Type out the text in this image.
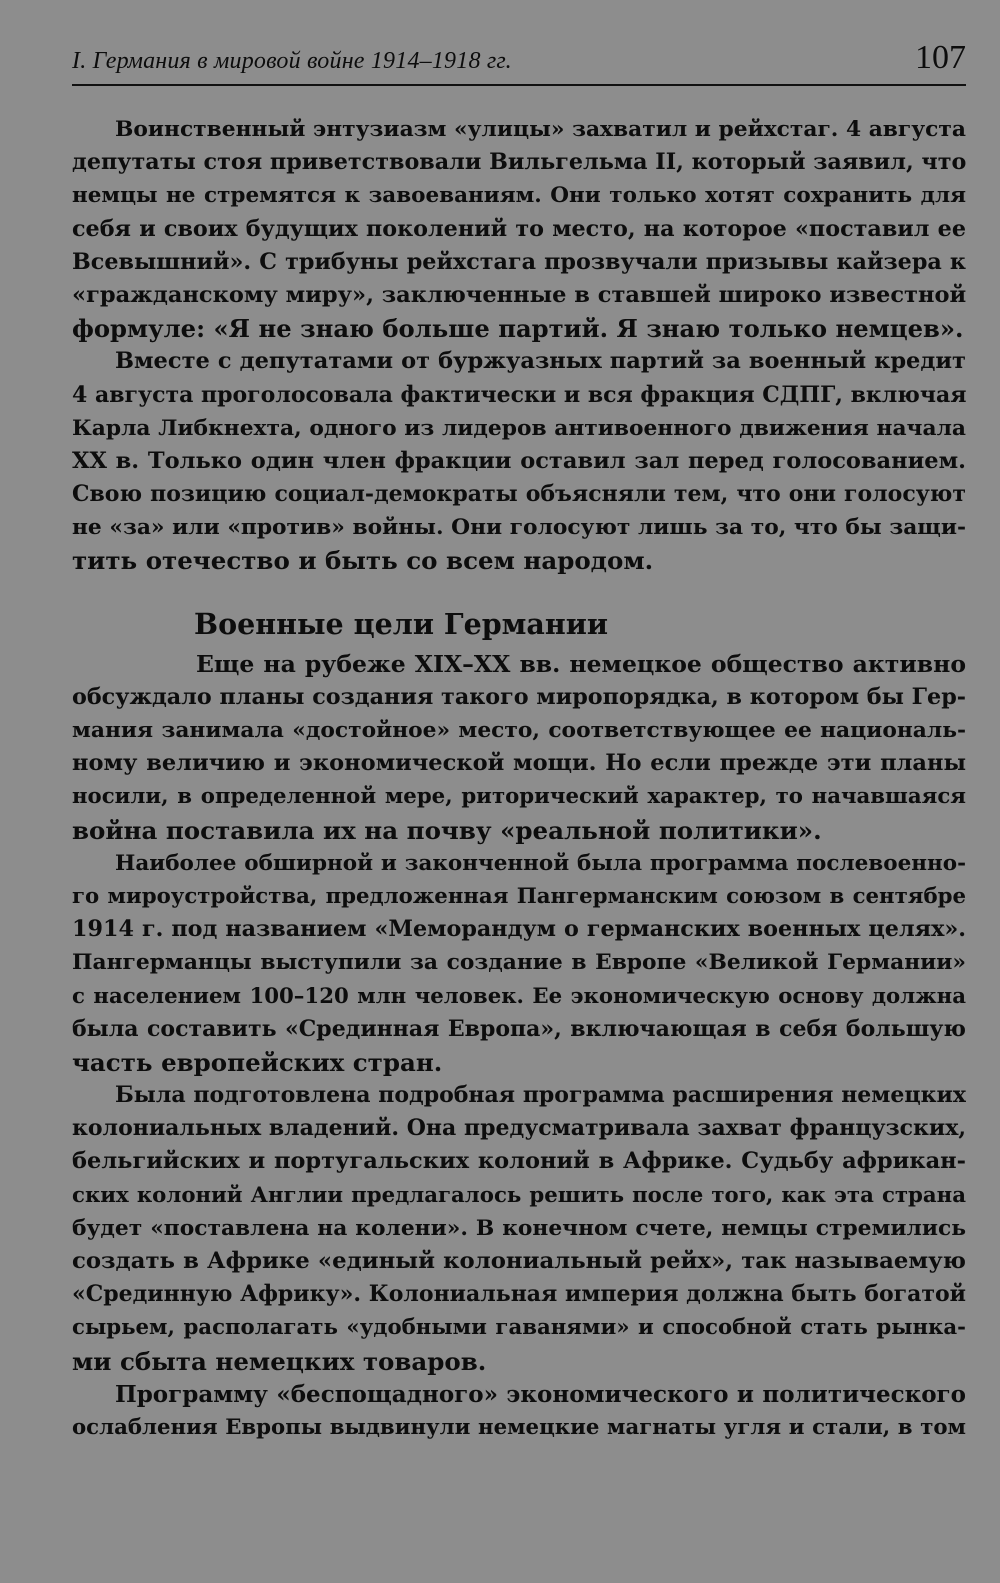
I. Германия в мировой войне 1914–1918 гг.	107
Воинственный энтузиазм «улицы» захватил и рейхстаг. 4 августа
депутаты стоя приветствовали Вильгельма II, который заявил, что
немцы не стремятся к завоеваниям. Они только хотят сохранить для
себя и своих будущих поколений то место, на которое «поставил ее
Всевышний». С трибуны рейхстага прозвучали призывы кайзера к
«гражданскому миру», заключенные в ставшей широко известной
формуле: «Я не знаю больше партий. Я знаю только немцев».
Вместе с депутатами от буржуазных партий за военный кредит
4 августа проголосовала фактически и вся фракция СДПГ, включая
Карла Либкнехта, одного из лидеров антивоенного движения начала
XX в. Только один член фракции оставил зал перед голосованием.
Свою позицию социал-демократы объясняли тем, что они голосуют
не «за» или «против» войны. Они голосуют лишь за то, что бы защи-
тить отечество и быть со всем народом.
Военные цели Германии
Еще на рубеже XIX–XX вв. немецкое общество активно
обсуждало планы создания такого миропорядка, в котором бы Гер-
мания занимала «достойное» место, соответствующее ее националь-
ному величию и экономической мощи. Но если прежде эти планы
носили, в определенной мере, риторический характер, то начавшаяся
война поставила их на почву «реальной политики».
Наиболее обширной и законченной была программа послевоенно-
го мироустройства, предложенная Пангерманским союзом в сентябре
1914 г. под названием «Меморандум о германских военных целях».
Пангерманцы выступили за создание в Европе «Великой Германии»
с населением 100–120 млн человек. Ее экономическую основу должна
была составить «Срединная Европа», включающая в себя большую
часть европейских стран.
Была подготовлена подробная программа расширения немецких
колониальных владений. Она предусматривала захват французских,
бельгийских и португальских колоний в Африке. Судьбу африкан-
ских колоний Англии предлагалось решить после того, как эта страна
будет «поставлена на колени». В конечном счете, немцы стремились
создать в Африке «единый колониальный рейх», так называемую
«Срединную Африку». Колониальная империя должна быть богатой
сырьем, располагать «удобными гаванями» и способной стать рынка-
ми сбыта немецких товаров.
Программу «беспощадного» экономического и политического
ослабления Европы выдвинули немецкие магнаты угля и стали, в том
